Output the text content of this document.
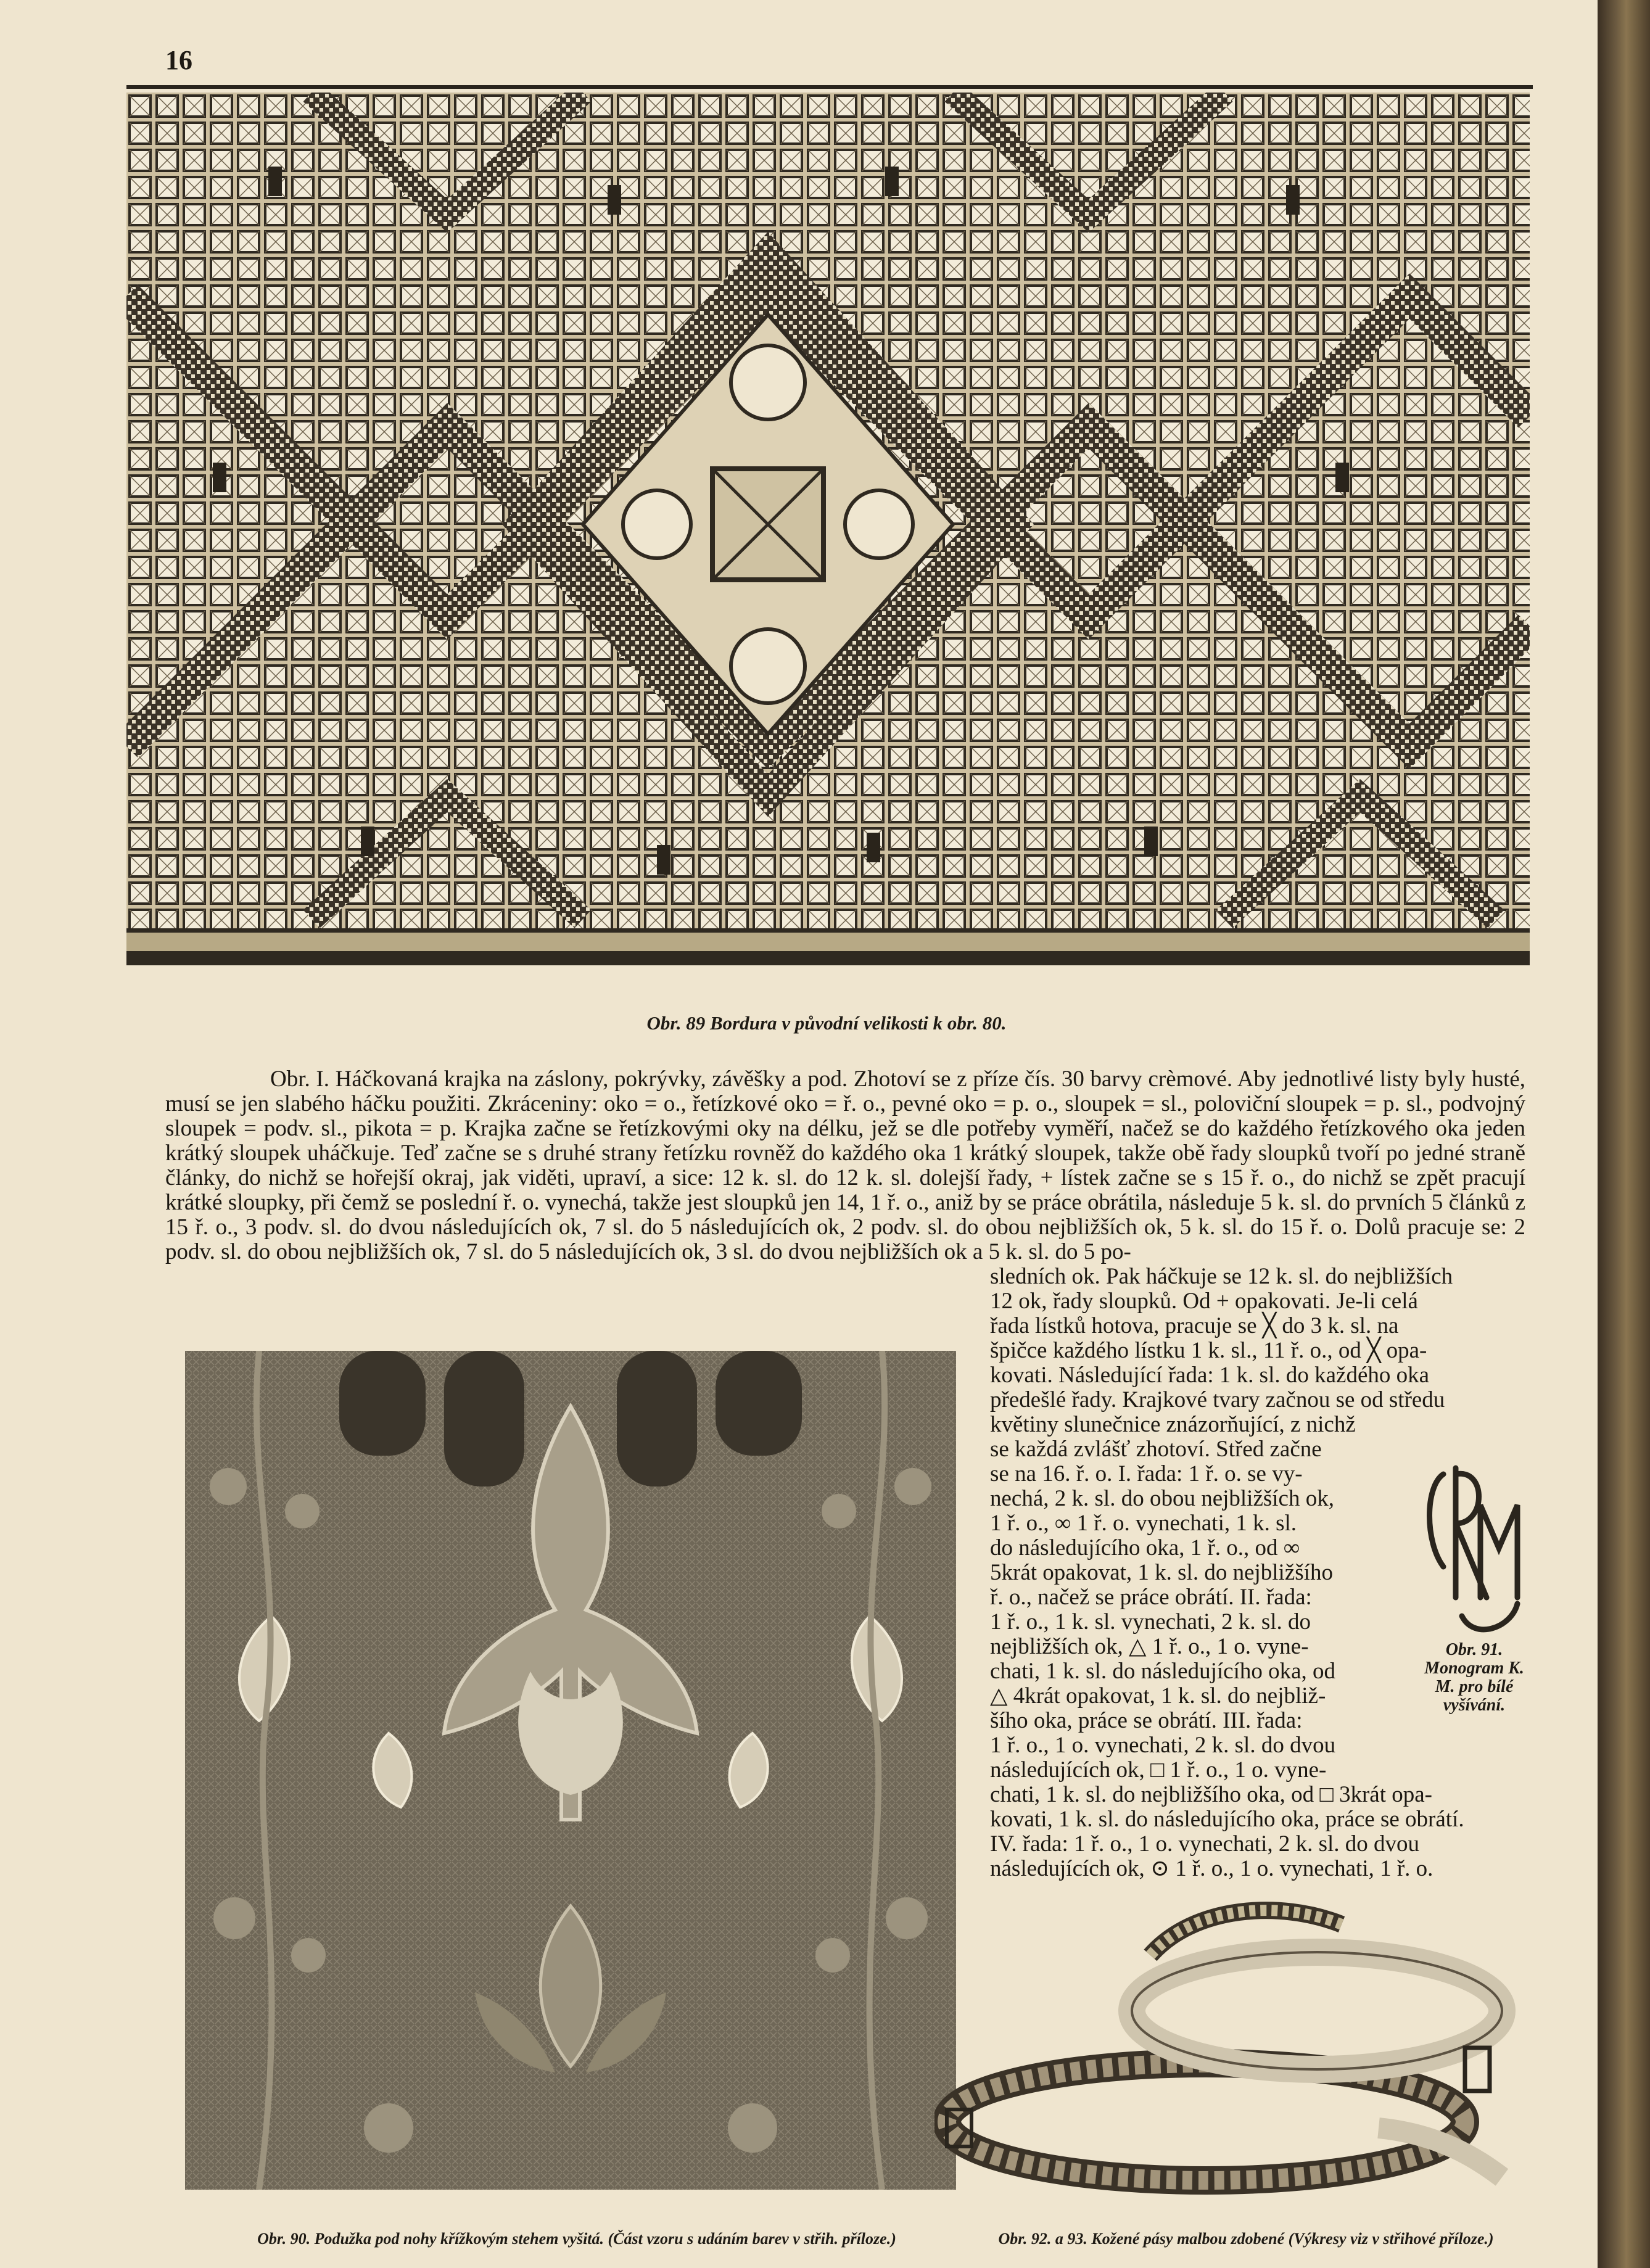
16
Obr. 89 Bordura v původní velikosti k obr. 80.

Obr. I. Háčkovaná krajka na záslony, pokrývky, závěšky a pod. Zhotoví se z příze čís. 30 barvy crèmové. Aby jednotlivé listy byly husté, musí se jen slabého háčku použiti. Zkráceniny: oko = o., řetízkové oko = ř. o., pevné oko = p. o., sloupek = sl., poloviční sloupek = p. sl., podvojný sloupek = podv. sl., pikota = p. Krajka začne se řetízkovými oky na délku, jež se dle potřeby vyměří, načež se do každého řetízkového oka jeden krátký sloupek uháčkuje. Teď začne se s druhé strany řetízku rovněž do každého oka 1 krátký sloupek, takže obě řady sloupků tvoří po jedné straně články, do nichž se hořejší okraj, jak viděti, upraví, a sice: 12 k. sl. do 12 k. sl. dolejší řady, + lístek začne se s 15 ř. o., do nichž se zpět pracují krátké sloupky, při čemž se poslední ř. o. vynechá, takže jest sloupků jen 14, 1 ř. o., aniž by se práce obrátila, následuje 5 k. sl. do prvních 5 článků z 15 ř. o., 3 podv. sl. do dvou následujících ok, 7 sl. do 5 následujících ok, 2 podv. sl. do obou nejbližších ok, 5 k. sl. do 15 ř. o. Dolů pracuje se: 2 podv. sl. do obou nejbližších ok, 7 sl. do 5 následujících ok, 3 sl. do dvou nejbližších ok a 5 k. sl. do 5 po-

sledních ok. Pak háčkuje se 12 k. sl. do nejbližších
12 ok, řady sloupků. Od + opakovati. Je-li celá
řada lístků hotova, pracuje se ╳ do 3 k. sl. na
špičce každého lístku 1 k. sl., 11 ř. o., od ╳ opa-
kovati. Následující řada: 1 k. sl. do každého oka
předešlé řady. Krajkové tvary začnou se od středu
květiny slunečnice znázorňující, z nichž
se každá zvlášť zhotoví. Střed začne
se na 16. ř. o. I. řada: 1 ř. o. se vy-
nechá, 2 k. sl. do obou nejbližších ok,
1 ř. o., ∞ 1 ř. o. vynechati, 1 k. sl.
do následujícího oka, 1 ř. o., od ∞
5krát opakovat, 1 k. sl. do nejbližšího
ř. o., načež se práce obrátí. II. řada:
1 ř. o., 1 k. sl. vynechati, 2 k. sl. do
nejbližších ok, △ 1 ř. o., 1 o. vyne-
chati, 1 k. sl. do následujícího oka, od
△ 4krát opakovat, 1 k. sl. do nejbliž-
šího oka, práce se obrátí. III. řada:
1 ř. o., 1 o. vynechati, 2 k. sl. do dvou
následujících ok, □ 1 ř. o., 1 o. vyne-
chati, 1 k. sl. do nejbližšího oka, od □ 3krát opa-
kovati, 1 k. sl. do následujícího oka, práce se obrátí.
IV. řada: 1 ř. o., 1 o. vynechati, 2 k. sl. do dvou
následujících ok, ⊙ 1 ř. o., 1 o. vynechati, 1 ř. o.
Obr. 90. Podužka pod nohy křížkovým stehem vyšitá. (Část vzoru s udáním barev v střih. příloze.)
Obr. 91. Monogram K. M. pro bílé vyšívání.
Obr. 92. a 93. Kožené pásy malbou zdobené (Výkresy viz v střihové příloze.)
